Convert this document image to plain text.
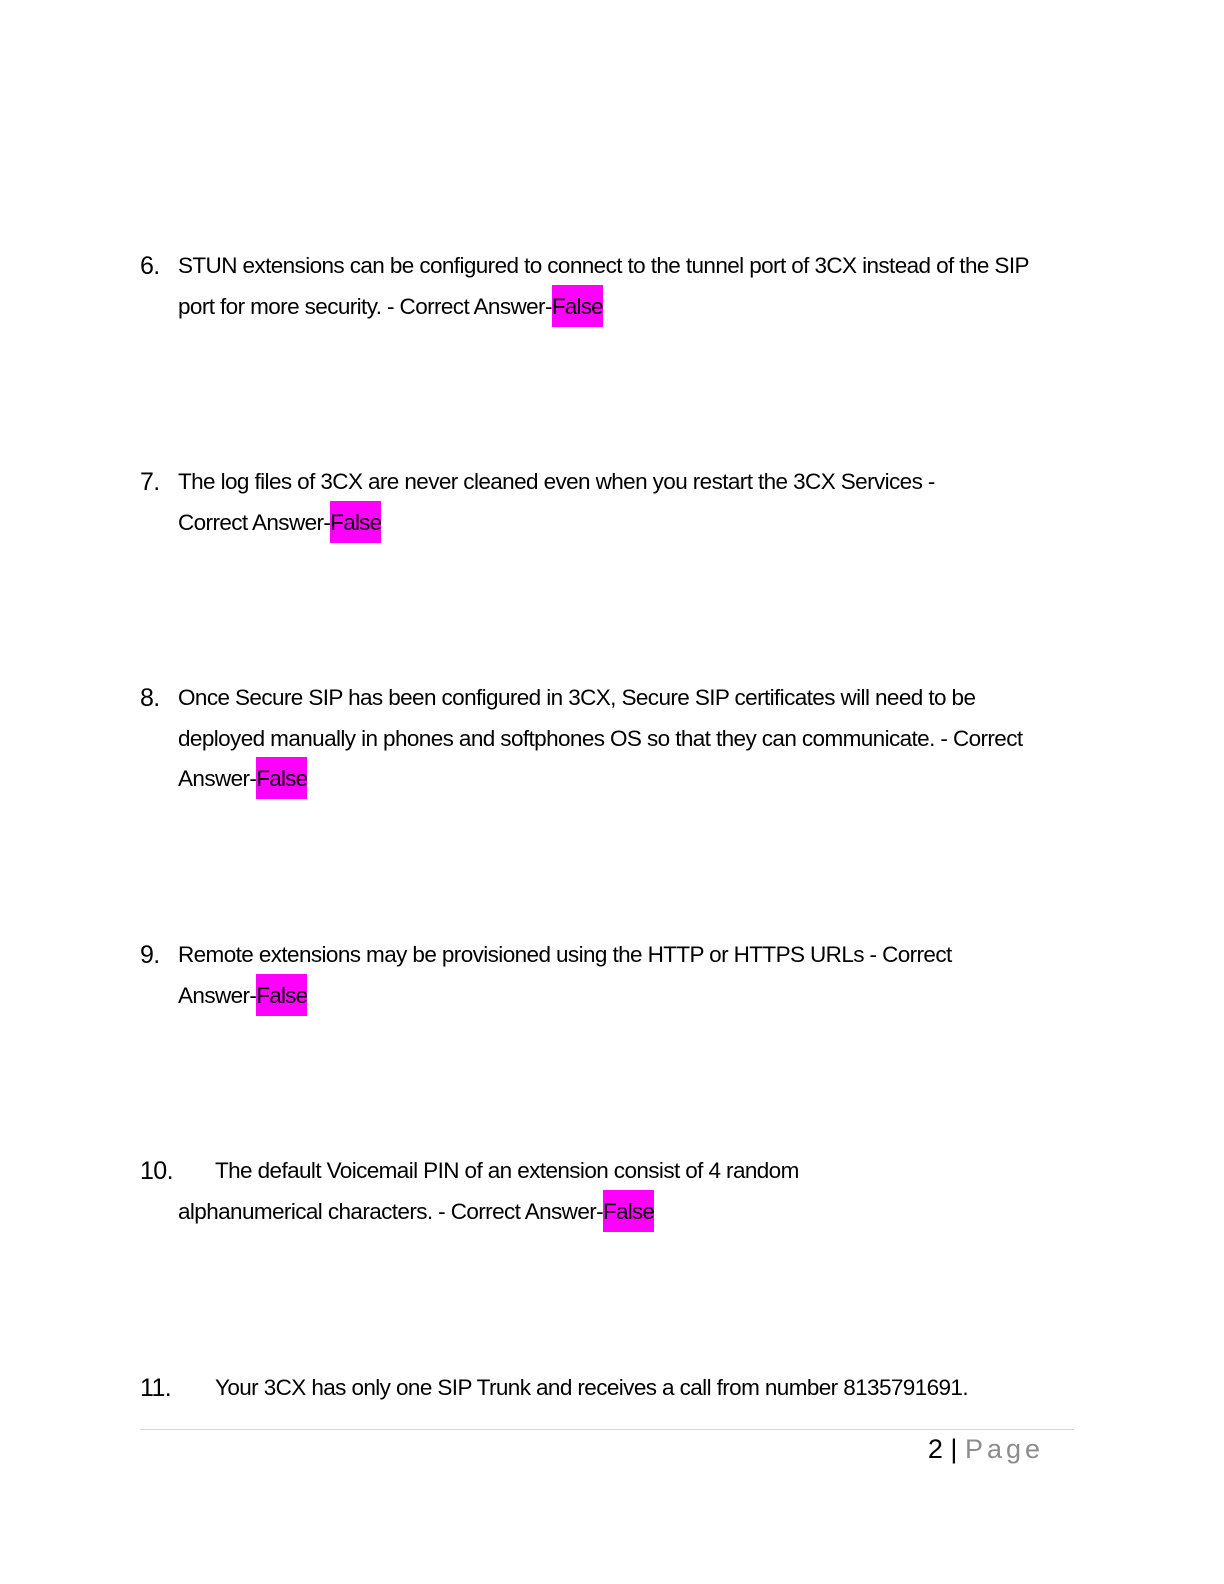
6. STUN extensions can be configured to connect to the tunnel port of 3CX instead of the SIP port for more security. - Correct Answer-False
7. The log files of 3CX are never cleaned even when you restart the 3CX Services - Correct Answer-False
8. Once Secure SIP has been configured in 3CX, Secure SIP certificates will need to be deployed manually in phones and softphones OS so that they can communicate. - Correct Answer-False
9. Remote extensions may be provisioned using the HTTP or HTTPS URLs - Correct Answer-False
10.	The default Voicemail PIN of an extension consist of 4 random alphanumerical characters. - Correct Answer-False
11.	Your 3CX has only one SIP Trunk and receives a call from number 8135791691.
2 | Page
